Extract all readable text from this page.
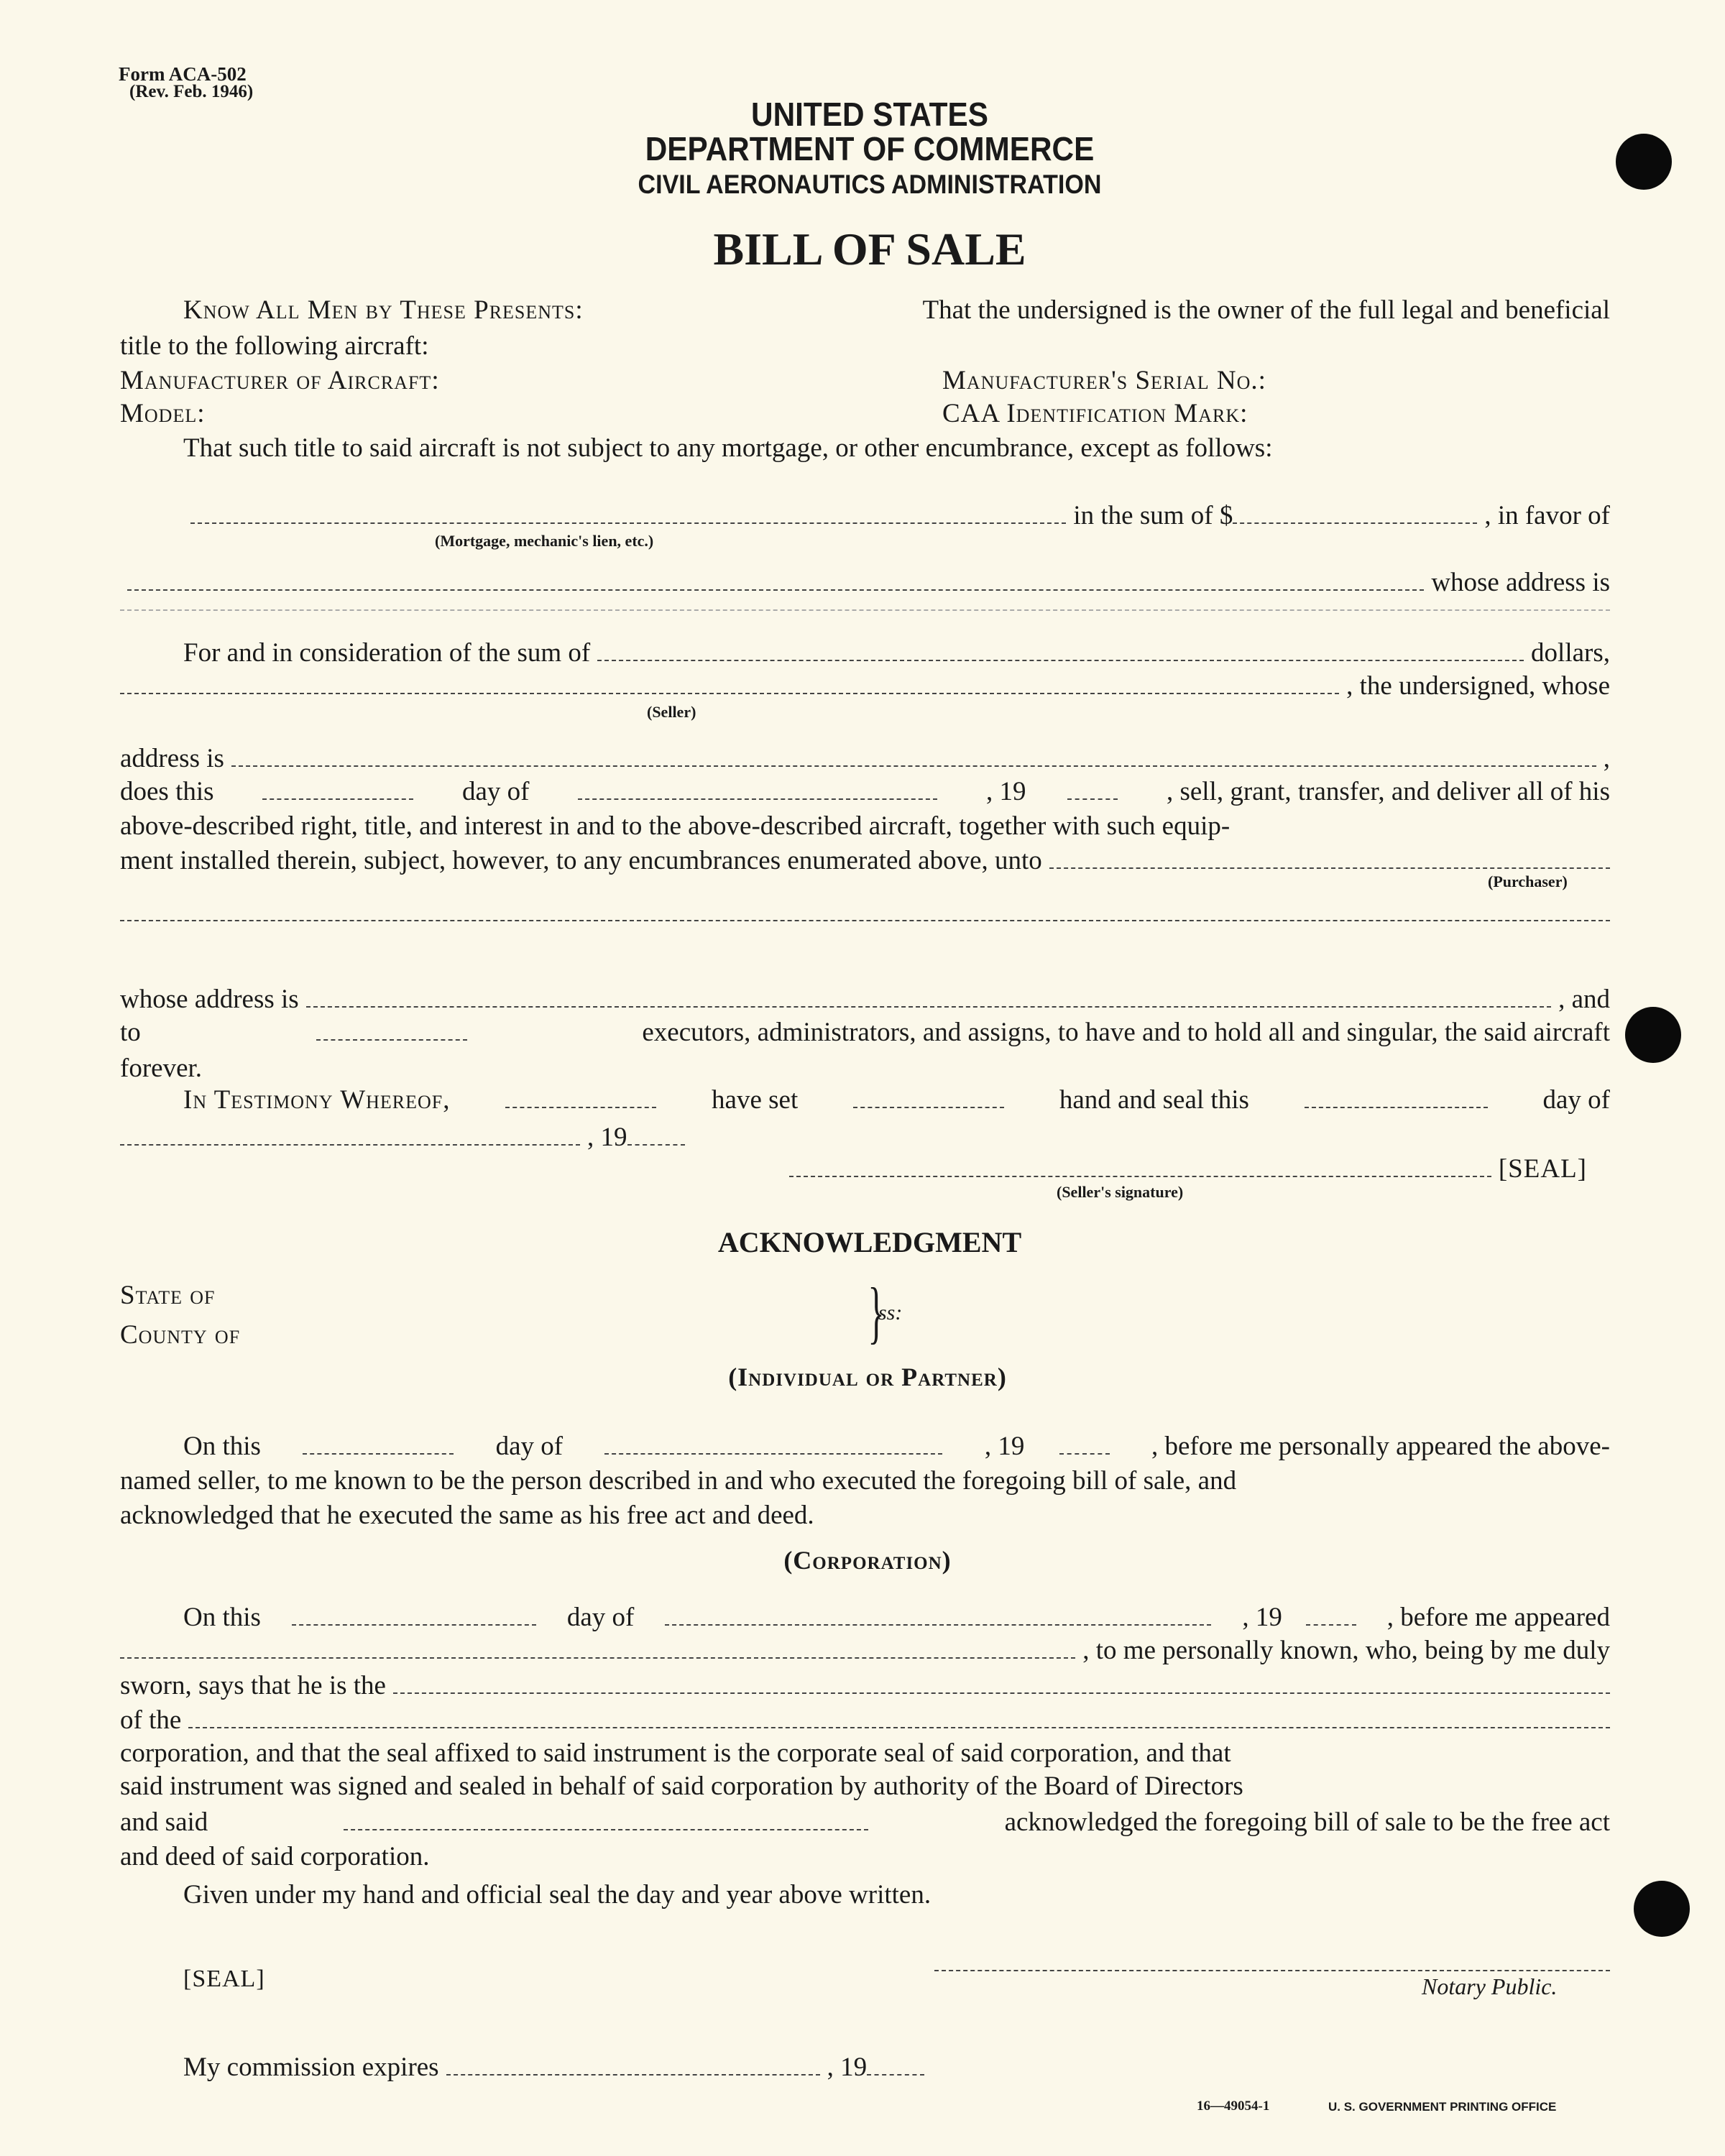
Form ACA-502
(Rev. Feb. 1946)
UNITED STATES
DEPARTMENT OF COMMERCE
CIVIL AERONAUTICS ADMINISTRATION
BILL OF SALE
Know All Men by These Presents:	That the undersigned is the owner of the full legal and beneficial
title to the following aircraft:
Manufacturer of Aircraft:	Manufacturer's Serial No.:
Model:	CAA Identification Mark:
That such title to said aircraft is not subject to any mortgage, or other encumbrance, except as follows:
in the sum of $	, in favor of
(Mortgage, mechanic's lien, etc.)
whose address is
For and in consideration of the sum of	dollars,
, the undersigned, whose
(Seller)
address is	,
does this	day of	, 19	, sell, grant, transfer, and deliver all of his
above-described right, title, and interest in and to the above-described aircraft, together with such equip-
ment installed therein, subject, however, to any encumbrances enumerated above, unto
(Purchaser)
whose address is	, and
to	executors, administrators, and assigns, to have and to hold all and singular, the said aircraft
forever.
In Testimony Whereof,	have set	hand and seal this	day of
, 19
[SEAL]
(Seller's signature)
ACKNOWLEDGMENT
State of
County of	}
ss:
(Individual or Partner)
On this	day of	, 19	, before me personally appeared the above-
named seller, to me known to be the person described in and who executed the foregoing bill of sale, and
acknowledged that he executed the same as his free act and deed.
(Corporation)
On this	day of	, 19	, before me appeared
, to me personally known, who, being by me duly
sworn, says that he is the
of the
corporation, and that the seal affixed to said instrument is the corporate seal of said corporation, and that
said instrument was signed and sealed in behalf of said corporation by authority of the Board of Directors
and said	acknowledged the foregoing bill of sale to be the free act
and deed of said corporation.
Given under my hand and official seal the day and year above written.
[SEAL]	Notary Public.
My commission expires	, 19
16—49054-1	U. S. GOVERNMENT PRINTING OFFICE
